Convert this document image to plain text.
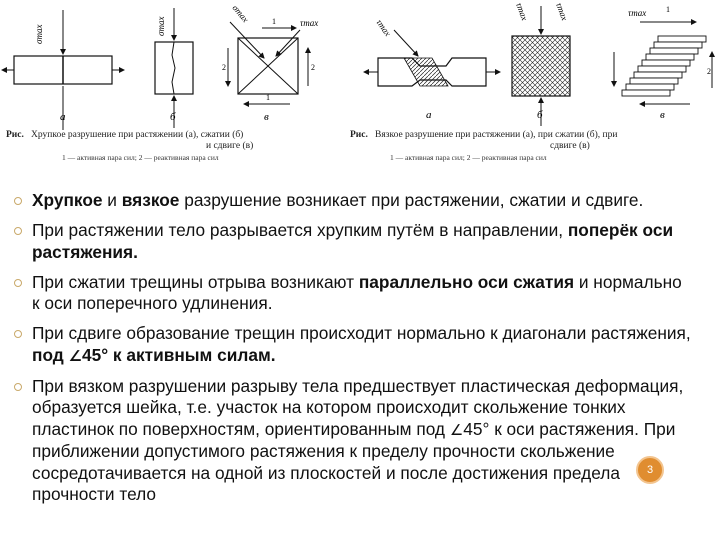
σmax
a
σmax
б
σmax	τmax
1
2	2
1
в
τmax
а
τmax	τmax
б
τmax 1
2
в
Рис. Хрупкое разрушение при растяжении (а), сжатии (б)
и сдвиге (в)
1 — активная пара сил; 2 — реактивная пара сил
Рис. Вязкое разрушение при растяжении (а), при сжатии (б), при
сдвиге (в)
1 — активная пара сил; 2 — реактивная пара сил
Хрупкое и вязкое разрушение возникает при растяжении, сжатии и сдвиге.
При растяжении тело разрывается хрупким путём в направлении, поперёк оси растяжения.
При сжатии трещины отрыва возникают параллельно оси сжатия и нормально к оси поперечного удлинения.
При сдвиге образование трещин происходит нормально к диагонали растяжения, под ∠45° к активным силам.
При вязком разрушении разрыву тела предшествует пластическая деформация, образуется шейка, т.е. участок на котором происходит скольжение тонких пластинок по поверхностям, ориентированным под ∠45° к оси растяжения. При приближении допустимого растяжения к пределу прочности скольжение сосредотачивается на одной из плоскостей и после достижения предела прочности тело
3
